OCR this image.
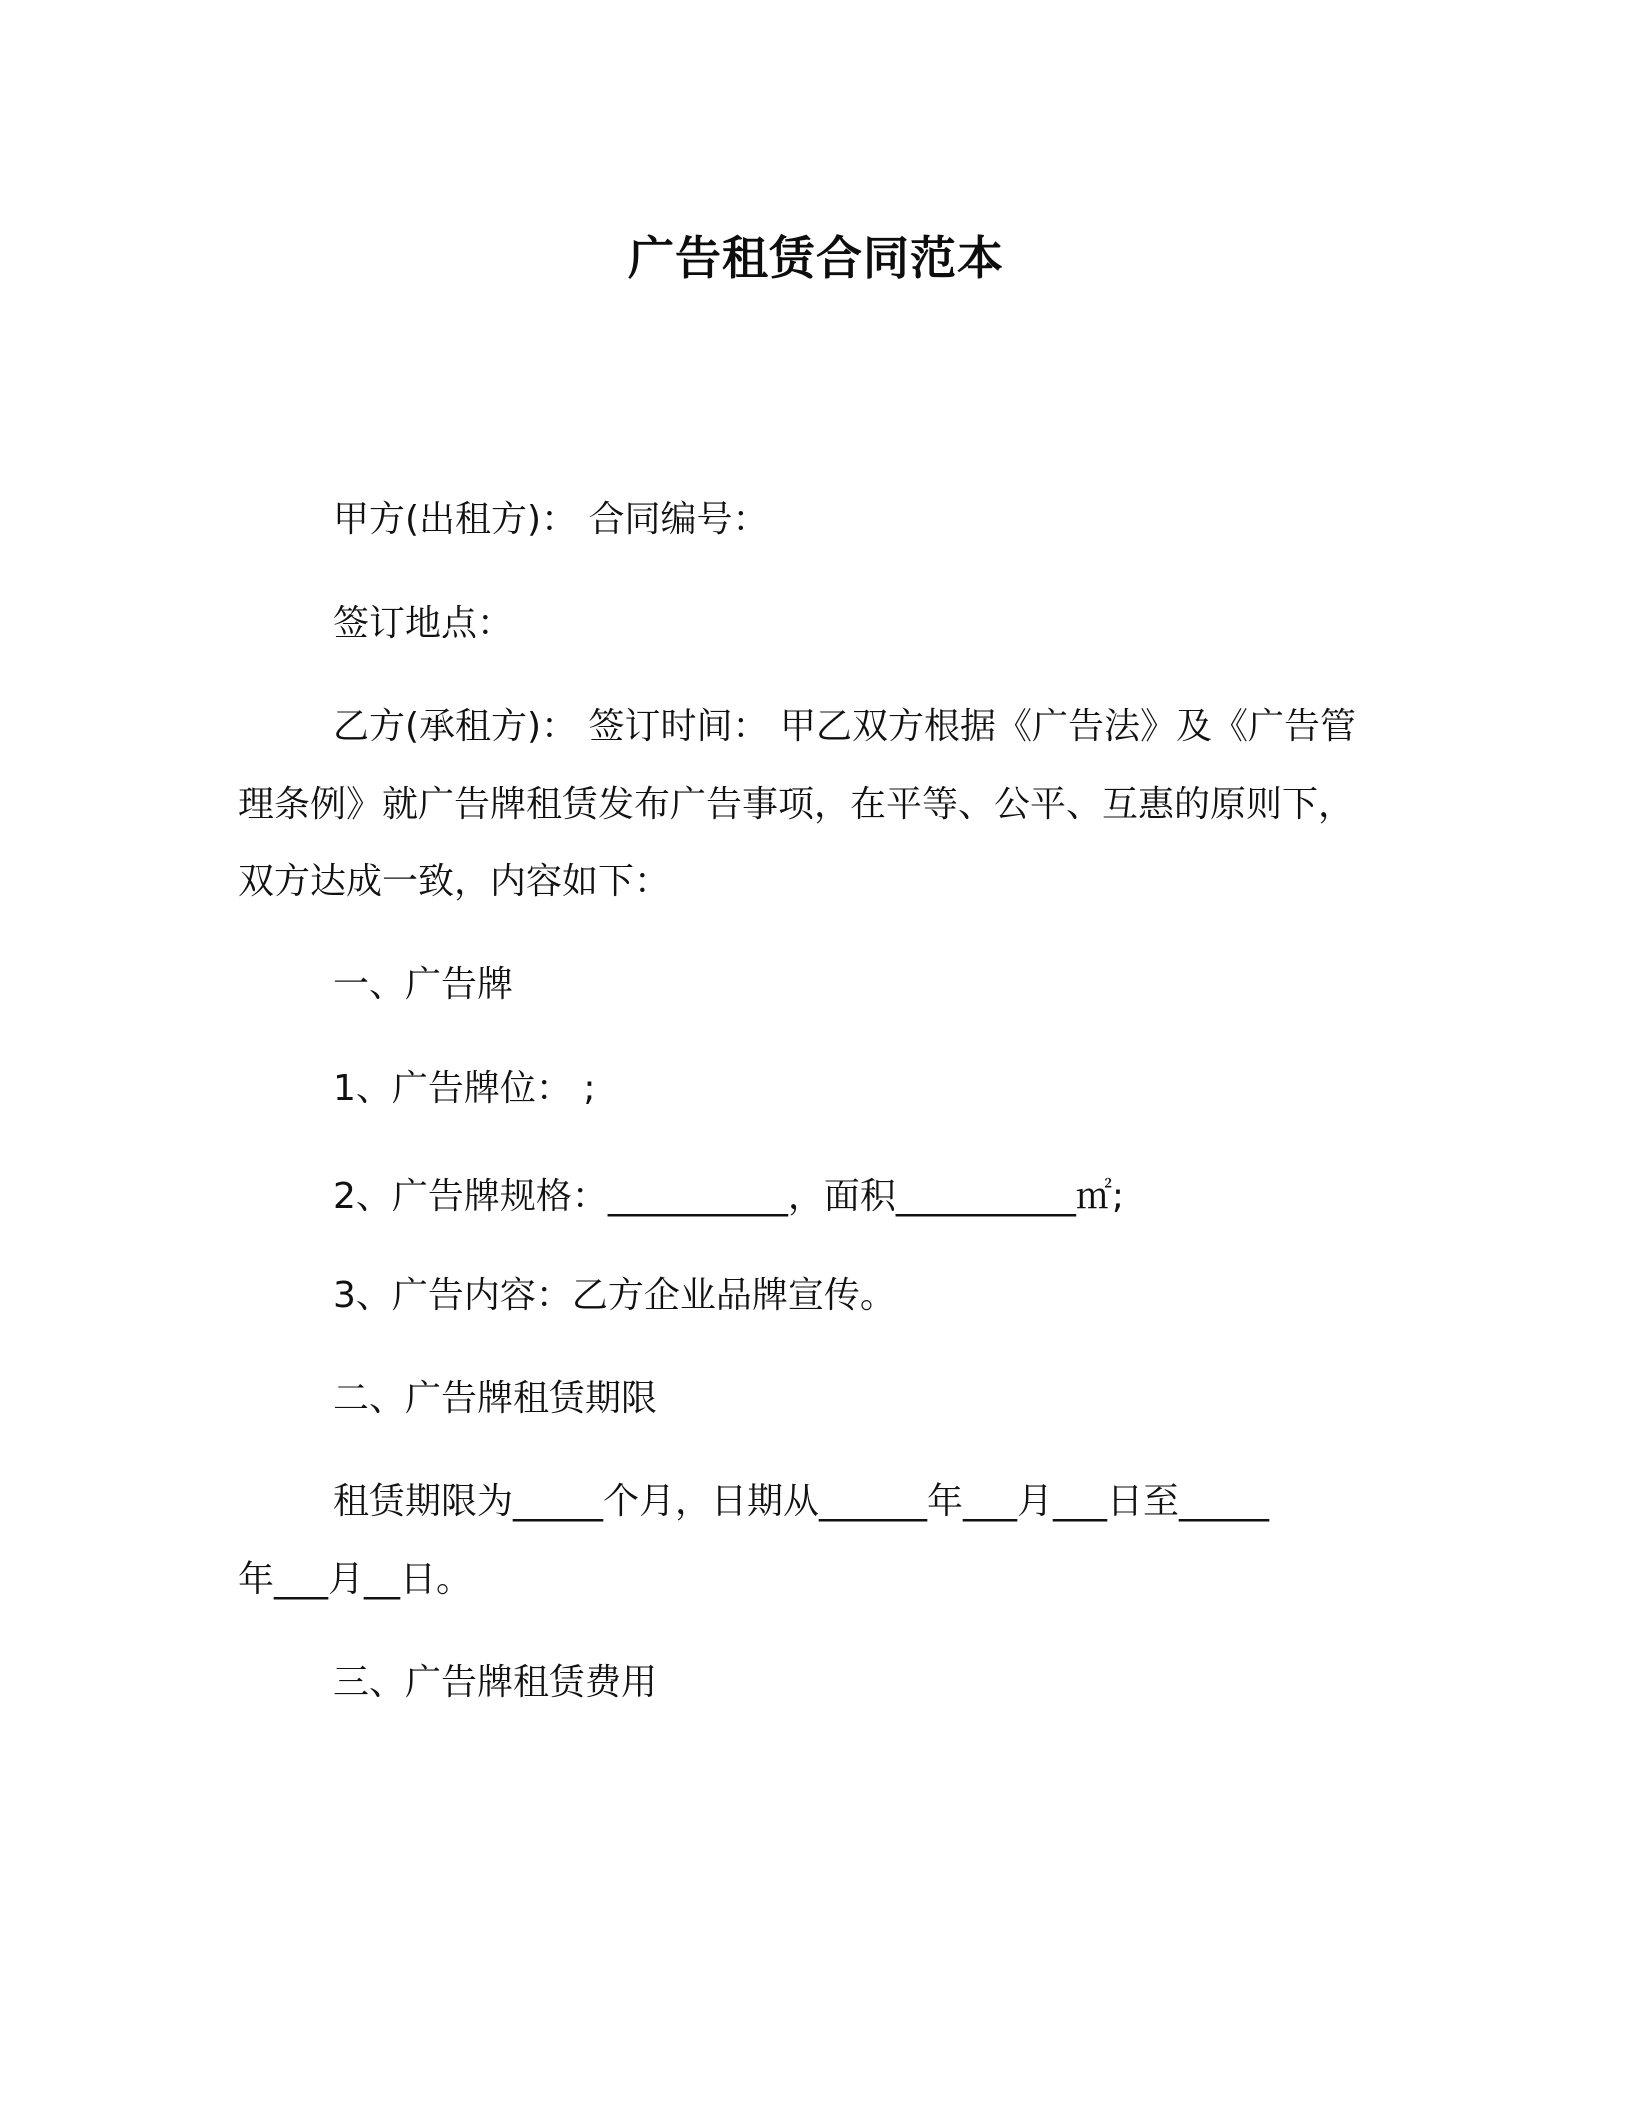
广告租赁合同范本
甲方(出租方)： 合同编号：
签订地点：
乙方(承租方)： 签订时间： 甲乙双方根据《广告法》及《广告管
理条例》就广告牌租赁发布广告事项，在平等、公平、互惠的原则下，
双方达成一致，内容如下：
一、广告牌
1、广告牌位： ;
2、广告牌规格：__________，面积__________㎡;
3、广告内容：乙方企业品牌宣传。
二、广告牌租赁期限
租赁期限为_____个月，日期从______年___月___日至_____
年___月__日。
三、广告牌租赁费用
